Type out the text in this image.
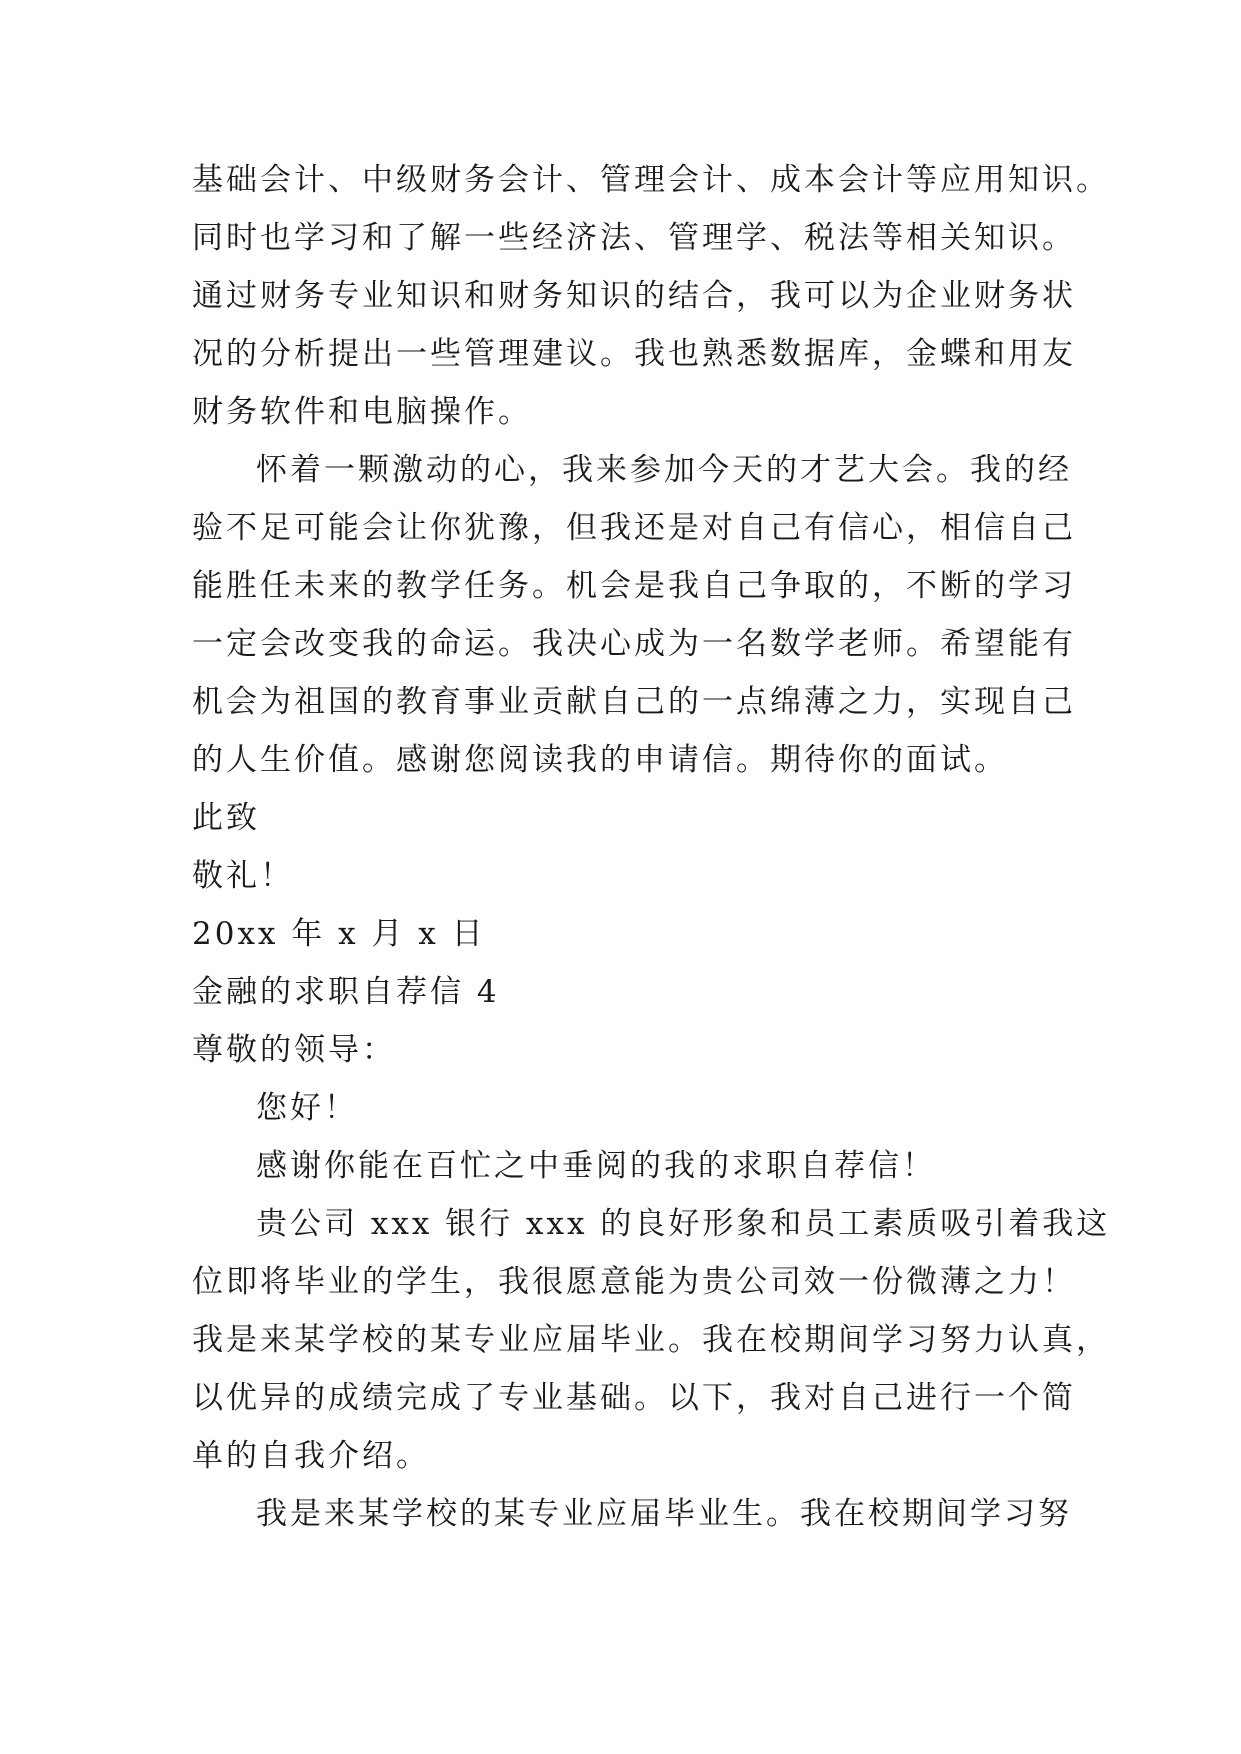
基础会计、中级财务会计、管理会计、成本会计等应用知识。
同时也学习和了解一些经济法、管理学、税法等相关知识。
通过财务专业知识和财务知识的结合，我可以为企业财务状
况的分析提出一些管理建议。我也熟悉数据库，金蝶和用友
财务软件和电脑操作。
怀着一颗激动的心，我来参加今天的才艺大会。我的经
验不足可能会让你犹豫，但我还是对自己有信心，相信自己
能胜任未来的教学任务。机会是我自己争取的，不断的学习
一定会改变我的命运。我决心成为一名数学老师。希望能有
机会为祖国的教育事业贡献自己的一点绵薄之力，实现自己
的人生价值。感谢您阅读我的申请信。期待你的面试。
此致
敬礼！
20xx 年 x 月 x 日
金融的求职自荐信 4
尊敬的领导：
您好！
感谢你能在百忙之中垂阅的我的求职自荐信！
贵公司 xxx 银行 xxx 的良好形象和员工素质吸引着我这
位即将毕业的学生，我很愿意能为贵公司效一份微薄之力！
我是来某学校的某专业应届毕业。我在校期间学习努力认真，
以优异的成绩完成了专业基础。以下，我对自己进行一个简
单的自我介绍。
我是来某学校的某专业应届毕业生。我在校期间学习努
